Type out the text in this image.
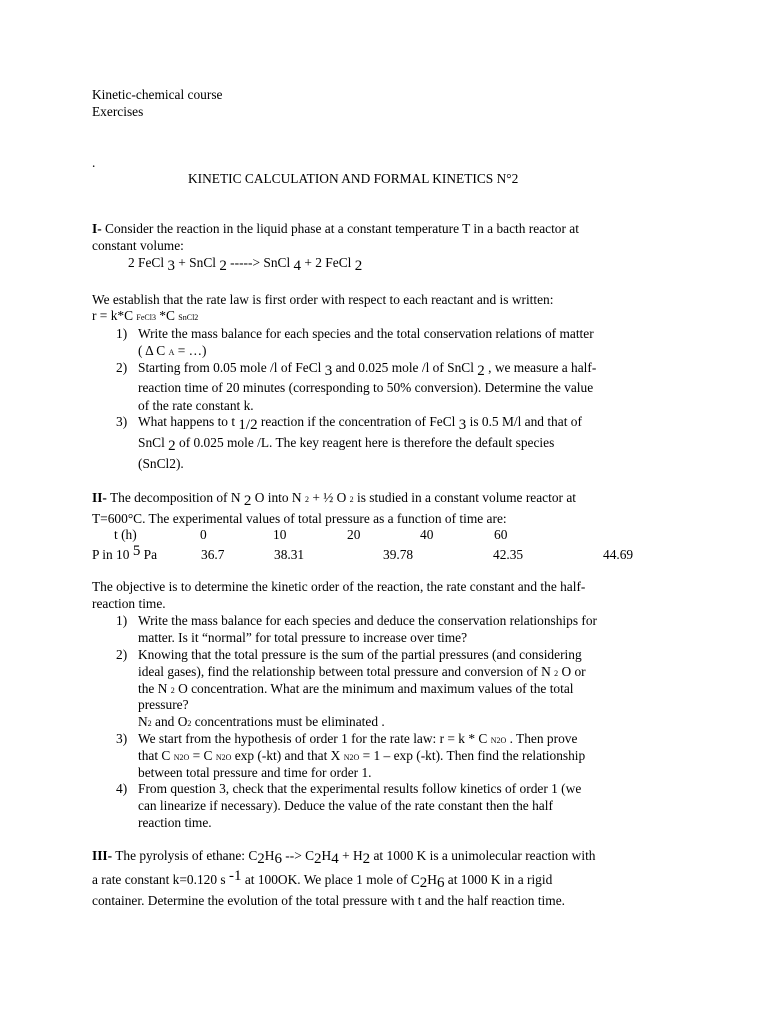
Kinetic-chemical course
Exercises
.
KINETIC CALCULATION AND FORMAL KINETICS N°2
I- Consider the reaction in the liquid phase at a constant temperature T in a bacth reactor at
constant volume:
2 FeCl 3 + SnCl 2 -----> SnCl 4 + 2 FeCl 2
We establish that the rate law is first order with respect to each reactant and is written:
r = k*C FeCl3 *C SnCl2
1) Write the mass balance for each species and the total conservation relations of matter
( Δ C A = …)
2) Starting from 0.05 mole /l of FeCl 3 and 0.025 mole /l of SnCl 2 , we measure a half-
reaction time of 20 minutes (corresponding to 50% conversion). Determine the value
of the rate constant k.
3) What happens to t 1/2 reaction if the concentration of FeCl 3 is 0.5 M/l and that of
SnCl 2 of 0.025 mole /L. The key reagent here is therefore the default species
(SnCl2).
II- The decomposition of N 2 O into N 2 + ½ O 2 is studied in a constant volume reactor at
T=600°C. The experimental values of total pressure as a function of time are:
t (h)	0	10	20	40	60
P in 10 5 Pa	36.7	38.31	39.78	42.35	44.69
The objective is to determine the kinetic order of the reaction, the rate constant and the half-
reaction time.
1) Write the mass balance for each species and deduce the conservation relationships for
matter. Is it “normal” for total pressure to increase over time?
2) Knowing that the total pressure is the sum of the partial pressures (and considering
ideal gases), find the relationship between total pressure and conversion of N 2 O or
the N 2 O concentration. What are the minimum and maximum values of the total
pressure?
N2 and O2 concentrations must be eliminated .
3) We start from the hypothesis of order 1 for the rate law: r = k * C N2O . Then prove
that C N2O = C N2O exp (-kt) and that X N2O = 1 – exp (-kt). Then find the relationship
between total pressure and time for order 1.
4) From question 3, check that the experimental results follow kinetics of order 1 (we
can linearize if necessary). Deduce the value of the rate constant then the half
reaction time.
III- The pyrolysis of ethane: C2H6 --> C2H4 + H2 at 1000 K is a unimolecular reaction with
a rate constant k=0.120 s -1 at 100OK. We place 1 mole of C2H6 at 1000 K in a rigid
container. Determine the evolution of the total pressure with t and the half reaction time.
